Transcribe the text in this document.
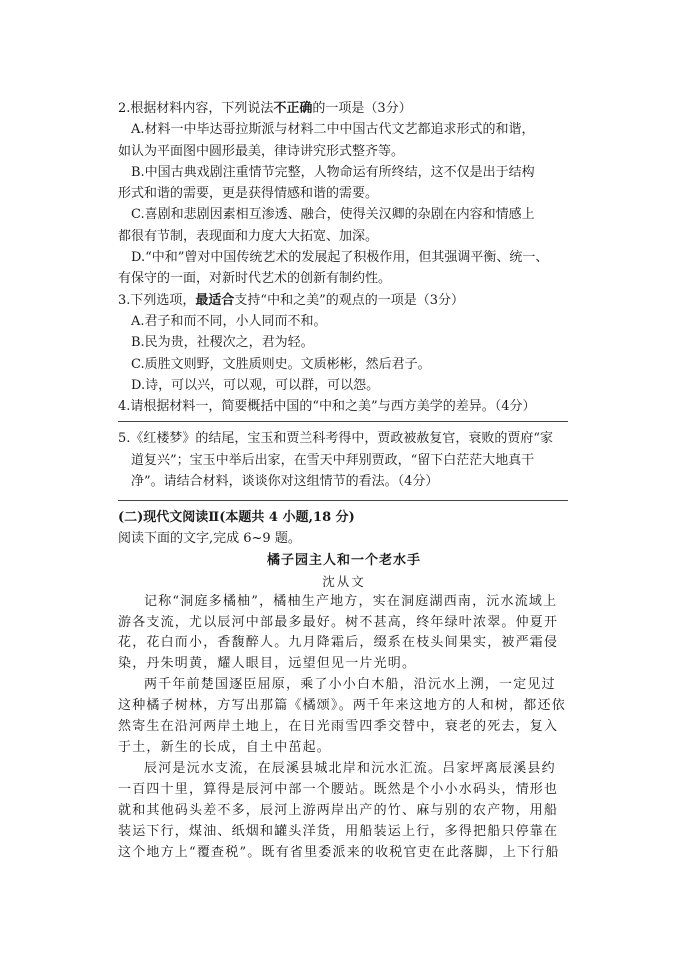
2.根据材料内容，下列说法不正确的一项是（3分）
A.材料一中毕达哥拉斯派与材料二中中国古代文艺都追求形式的和谐，
如认为平面图中圆形最美，律诗讲究形式整齐等。
B.中国古典戏剧注重情节完整，人物命运有所终结，这不仅是出于结构
形式和谐的需要，更是获得情感和谐的需要。
C.喜剧和悲剧因素相互渗透、融合，使得关汉卿的杂剧在内容和情感上
都很有节制，表现面和力度大大拓宽、加深。
D.“中和”曾对中国传统艺术的发展起了积极作用，但其强调平衡、统一、
有保守的一面，对新时代艺术的创新有制约性。
3.下列选项，最适合支持“中和之美”的观点的一项是（3分）
A.君子和而不同，小人同而不和。
B.民为贵，社稷次之，君为轻。
C.质胜文则野，文胜质则史。文质彬彬，然后君子。
D.诗，可以兴，可以观，可以群，可以怨。
4.请根据材料一，简要概括中国的“中和之美”与西方美学的差异。（4分）
5.《红楼梦》的结尾，宝玉和贾兰科考得中，贾政被赦复官，衰败的贾府“家
道复兴”；宝玉中举后出家，在雪天中拜别贾政，“留下白茫茫大地真干
净”。请结合材料，谈谈你对这组情节的看法。（4分）
(二)现代文阅读Ⅱ(本题共 4 小题,18 分)
阅读下面的文字,完成 6~9 题。
橘子园主人和一个老水手
沈从文
记称“洞庭多橘柚”，橘柚生产地方，实在洞庭湖西南，沅水流域上
游各支流，尤以辰河中部最多最好。树不甚高，终年绿叶浓翠。仲夏开
花，花白而小，香馥醉人。九月降霜后，缀系在枝头间果实，被严霜侵
染，丹朱明黄，耀人眼目，远望但见一片光明。
两千年前楚国逐臣屈原，乘了小小白木船，沿沅水上溯，一定见过
这种橘子树林，方写出那篇《橘颂》。两千年来这地方的人和树，都还依
然寄生在沿河两岸土地上，在日光雨雪四季交替中，衰老的死去，复入
于土，新生的长成，自土中茁起。
辰河是沅水支流，在辰溪县城北岸和沅水汇流。吕家坪离辰溪县约
一百四十里，算得是辰河中部一个腰站。既然是个小小水码头，情形也
就和其他码头差不多，辰河上游两岸出产的竹、麻与别的农产物，用船
装运下行，煤油、纸烟和罐头洋货，用船装运上行，多得把船只停靠在
这个地方上“覆查税”。既有省里委派来的收税官吏在此落脚，上下行船
